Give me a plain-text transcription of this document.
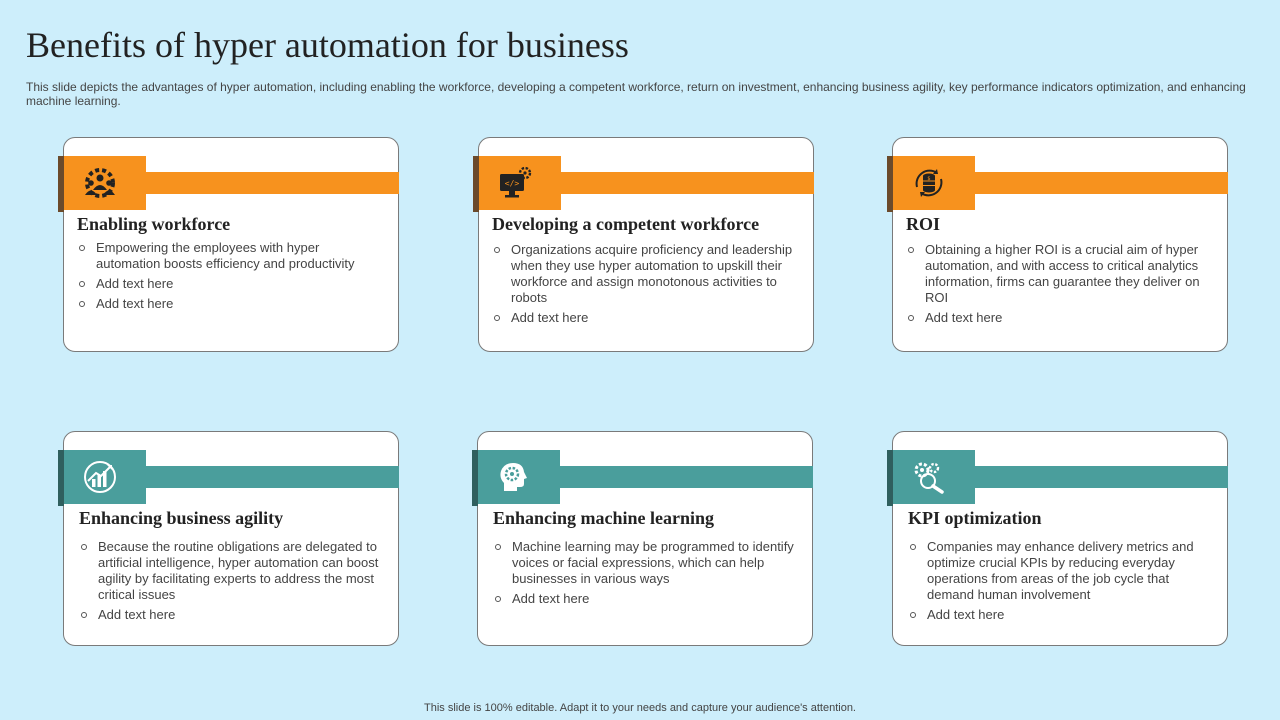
Benefits of hyper automation for business

This slide depicts the advantages of hyper automation, including enabling the workforce, developing a competent workforce, return on investment, enhancing business agility, key performance indicators optimization, and enhancing machine learning.

Enabling workforce
Empowering the employees with hyper automation boosts efficiency and productivity
Add text here
Add text here
</>
Developing a competent workforce
Organizations acquire proficiency and leadership when they use hyper automation to upskill their workforce and assign monotonous activities to robots
Add text here
$
ROI
Obtaining a higher ROI is a crucial aim of hyper automation, and with access to critical analytics information, firms can guarantee they deliver on ROI
Add text here
Enhancing business agility
Because the routine obligations are delegated to artificial intelligence, hyper automation can boost agility by facilitating experts to address the most critical issues
Add text here
Enhancing machine learning
Machine learning may be programmed to identify voices or facial expressions, which can help businesses in various ways
Add text here
KPI optimization
Companies may enhance delivery metrics and optimize crucial KPIs by reducing everyday operations from areas of the job cycle that demand human involvement
Add text here
This slide is 100% editable. Adapt it to your needs and capture your audience's attention.
